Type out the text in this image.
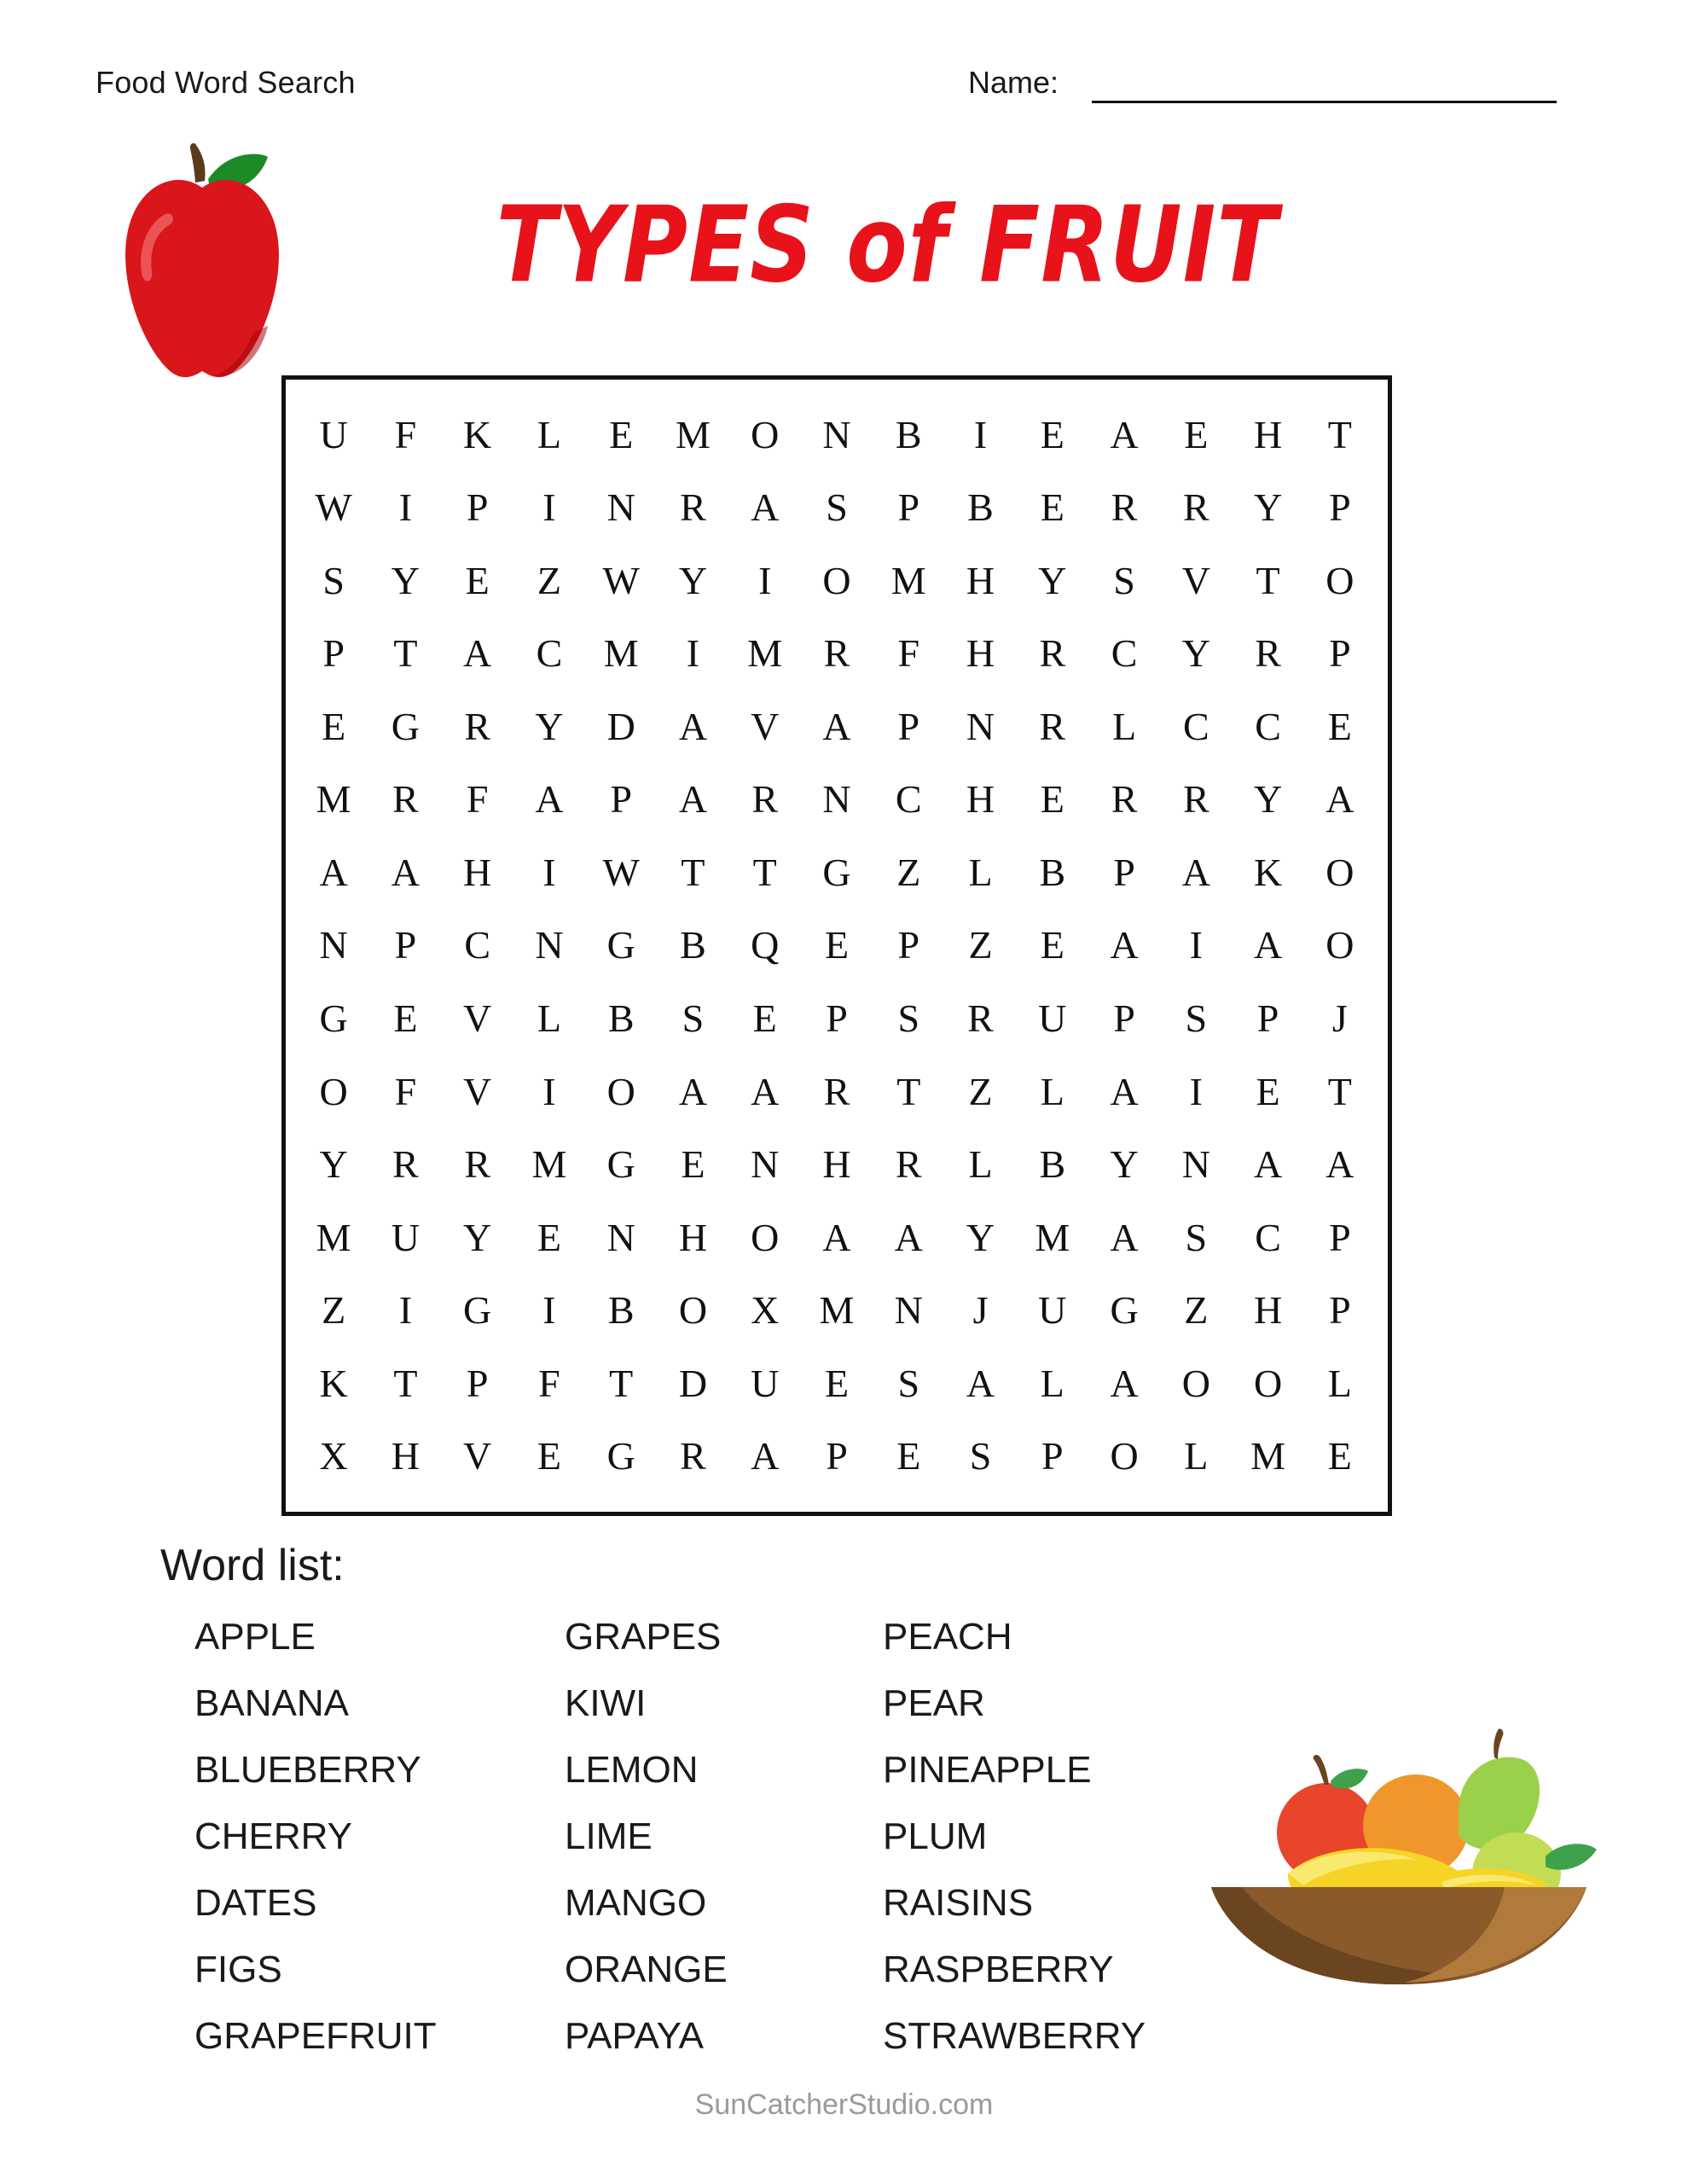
Food Word Search	Name:
TYPES of FRUIT
U F K L E M O N B I E A E H T
W I P I N R A S P B E R R Y P
S Y E Z W Y I O M H Y S V T O
P T A C M I M R F H R C Y R P
E G R Y D A V A P N R L C C E
M R F A P A R N C H E R R Y A
A A H I W T T G Z L B P A K O
N P C N G B Q E P Z E A I A O
G E V L B S E P S R U P S P J
O F V I O A A R T Z L A I E T
Y R R M G E N H R L B Y N A A
M U Y E N H O A A Y M A S C P
Z I G I B O X M N J U G Z H P
K T P F T D U E S A L A O O L
X H V E G R A P E S P O L M E
Word list:
APPLE
BANANA
BLUEBERRY
CHERRY
DATES
FIGS
GRAPEFRUIT
GRAPES
KIWI
LEMON
LIME
MANGO
ORANGE
PAPAYA
PEACH
PEAR
PINEAPPLE
PLUM
RAISINS
RASPBERRY
STRAWBERRY
SunCatcherStudio.com
